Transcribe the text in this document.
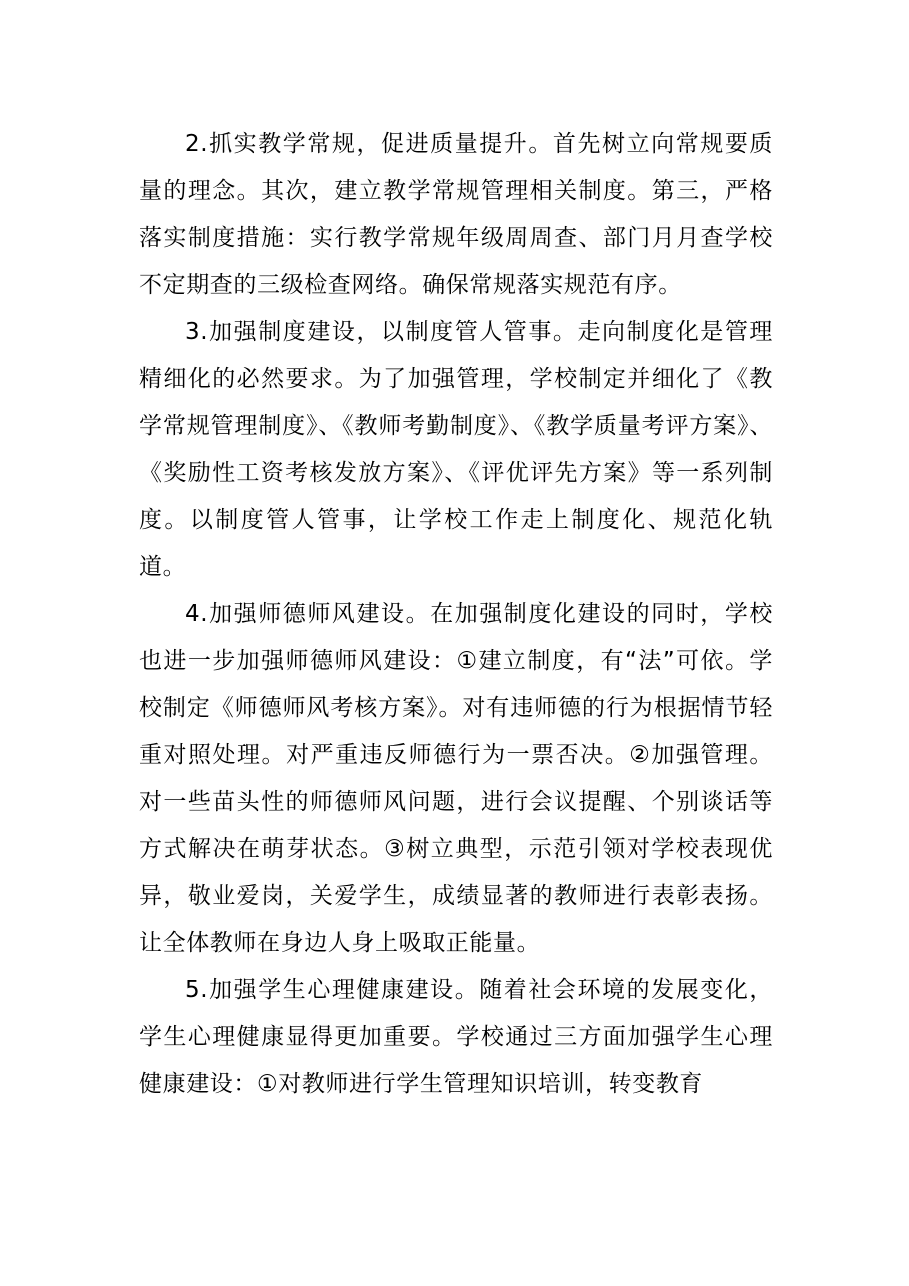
2.抓实教学常规，促进质量提升。首先树立向常规要质量的理念。其次，建立教学常规管理相关制度。第三，严格落实制度措施：实行教学常规年级周周查、部门月月查学校不定期查的三级检查网络。确保常规落实规范有序。

3.加强制度建设，以制度管人管事。走向制度化是管理精细化的必然要求。为了加强管理，学校制定并细化了《教学常规管理制度》、《教师考勤制度》、《教学质量考评方案》、《奖励性工资考核发放方案》、《评优评先方案》等一系列制度。以制度管人管事，让学校工作走上制度化、规范化轨道。

4.加强师德师风建设。在加强制度化建设的同时，学校也进一步加强师德师风建设：①建立制度，有“法”可依。学校制定《师德师风考核方案》。对有违师德的行为根据情节轻重对照处理。对严重违反师德行为一票否决。②加强管理。对一些苗头性的师德师风问题，进行会议提醒、个别谈话等方式解决在萌芽状态。③树立典型，示范引领对学校表现优异，敬业爱岗，关爱学生，成绩显著的教师进行表彰表扬。让全体教师在身边人身上吸取正能量。

5.加强学生心理健康建设。随着社会环境的发展变化，学生心理健康显得更加重要。学校通过三方面加强学生心理健康建设：①对教师进行学生管理知识培训，转变教育
